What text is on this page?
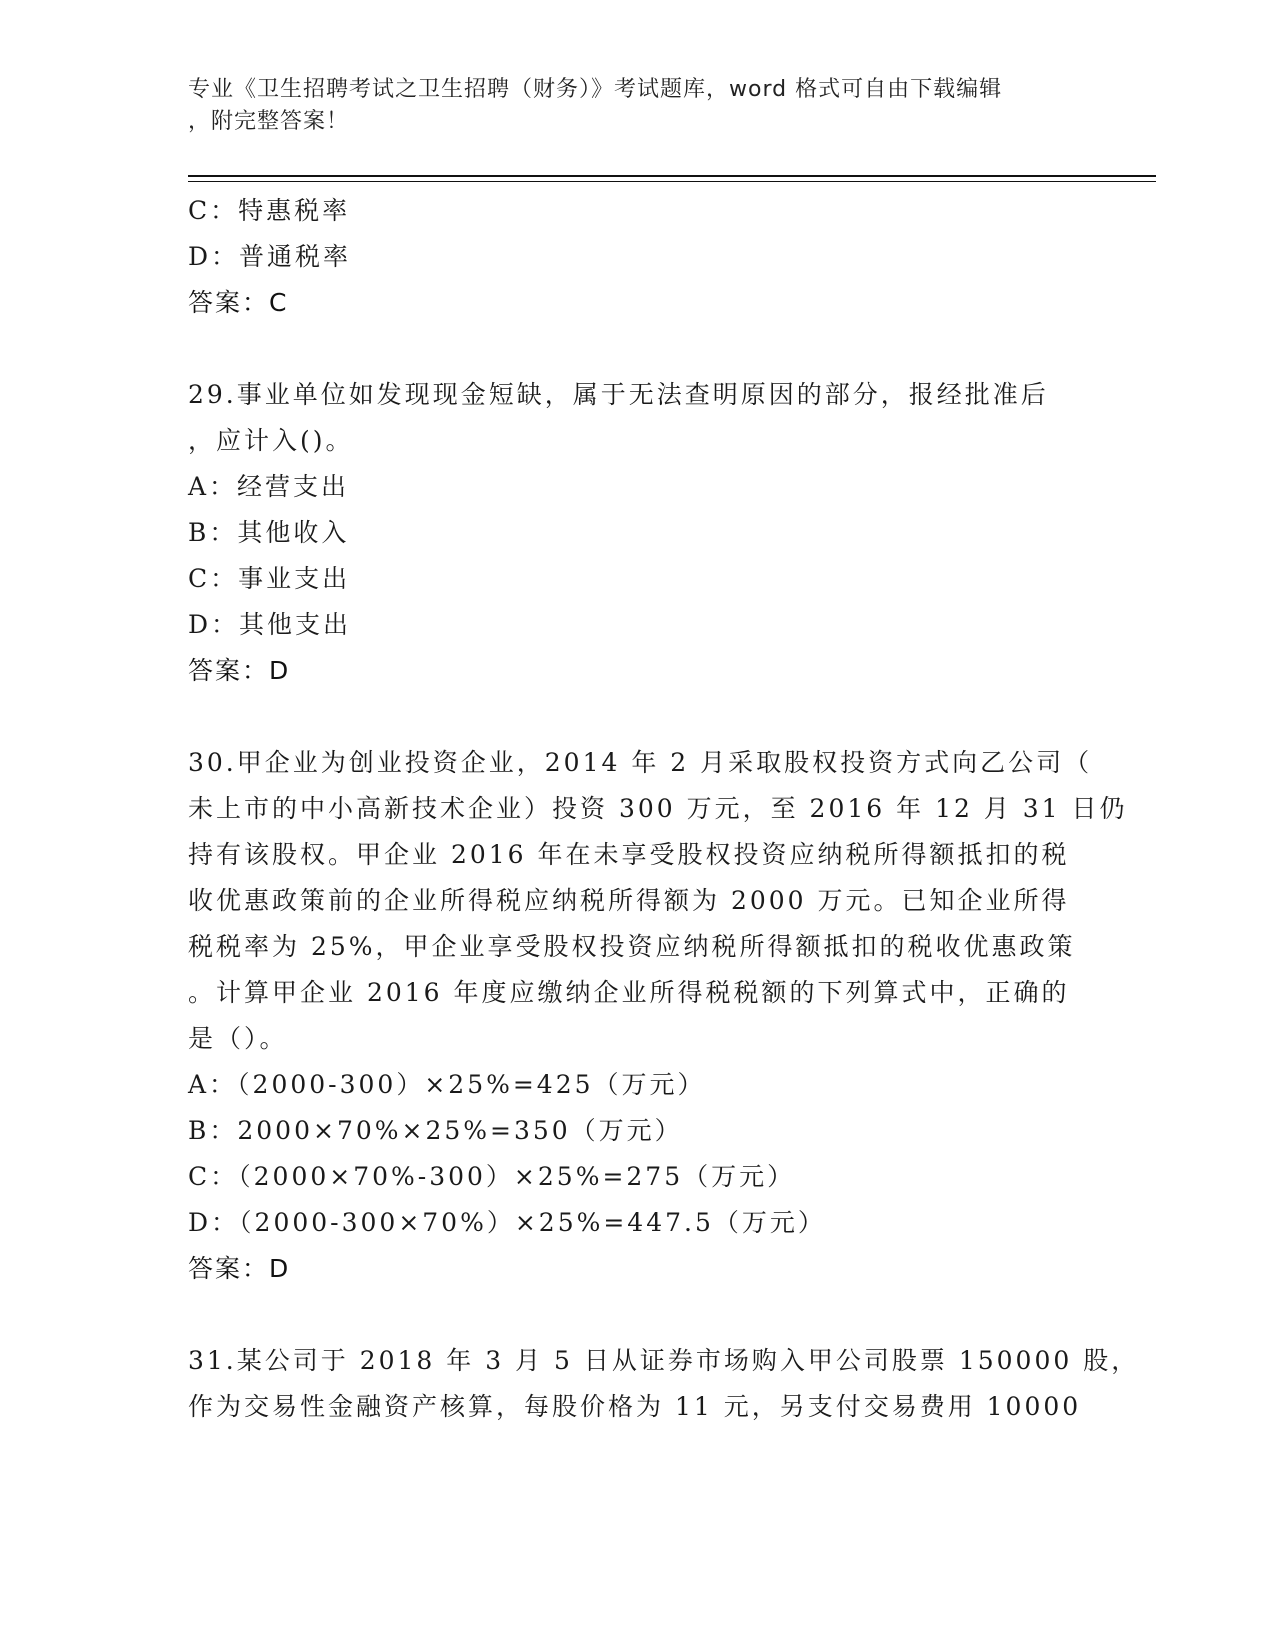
专业《卫生招聘考试之卫生招聘（财务）》考试题库，word 格式可自由下载编辑
，附完整答案！
C：特惠税率
D：普通税率
答案：C
29.事业单位如发现现金短缺，属于无法查明原因的部分，报经批准后
，应计入()。
A：经营支出
B：其他收入
C：事业支出
D：其他支出
答案：D
30.甲企业为创业投资企业，2014 年 2 月采取股权投资方式向乙公司（
未上市的中小高新技术企业）投资 300 万元，至 2016 年 12 月 31 日仍
持有该股权。甲企业 2016 年在未享受股权投资应纳税所得额抵扣的税
收优惠政策前的企业所得税应纳税所得额为 2000 万元。已知企业所得
税税率为 25%，甲企业享受股权投资应纳税所得额抵扣的税收优惠政策
。计算甲企业 2016 年度应缴纳企业所得税税额的下列算式中，正确的
是（）。
A：（2000-300）×25%=425（万元）
B：2000×70%×25%=350（万元）
C：（2000×70%-300）×25%=275（万元）
D：（2000-300×70%）×25%=447.5（万元）
答案：D
31.某公司于 2018 年 3 月 5 日从证券市场购入甲公司股票 150000 股，
作为交易性金融资产核算，每股价格为 11 元，另支付交易费用 10000
